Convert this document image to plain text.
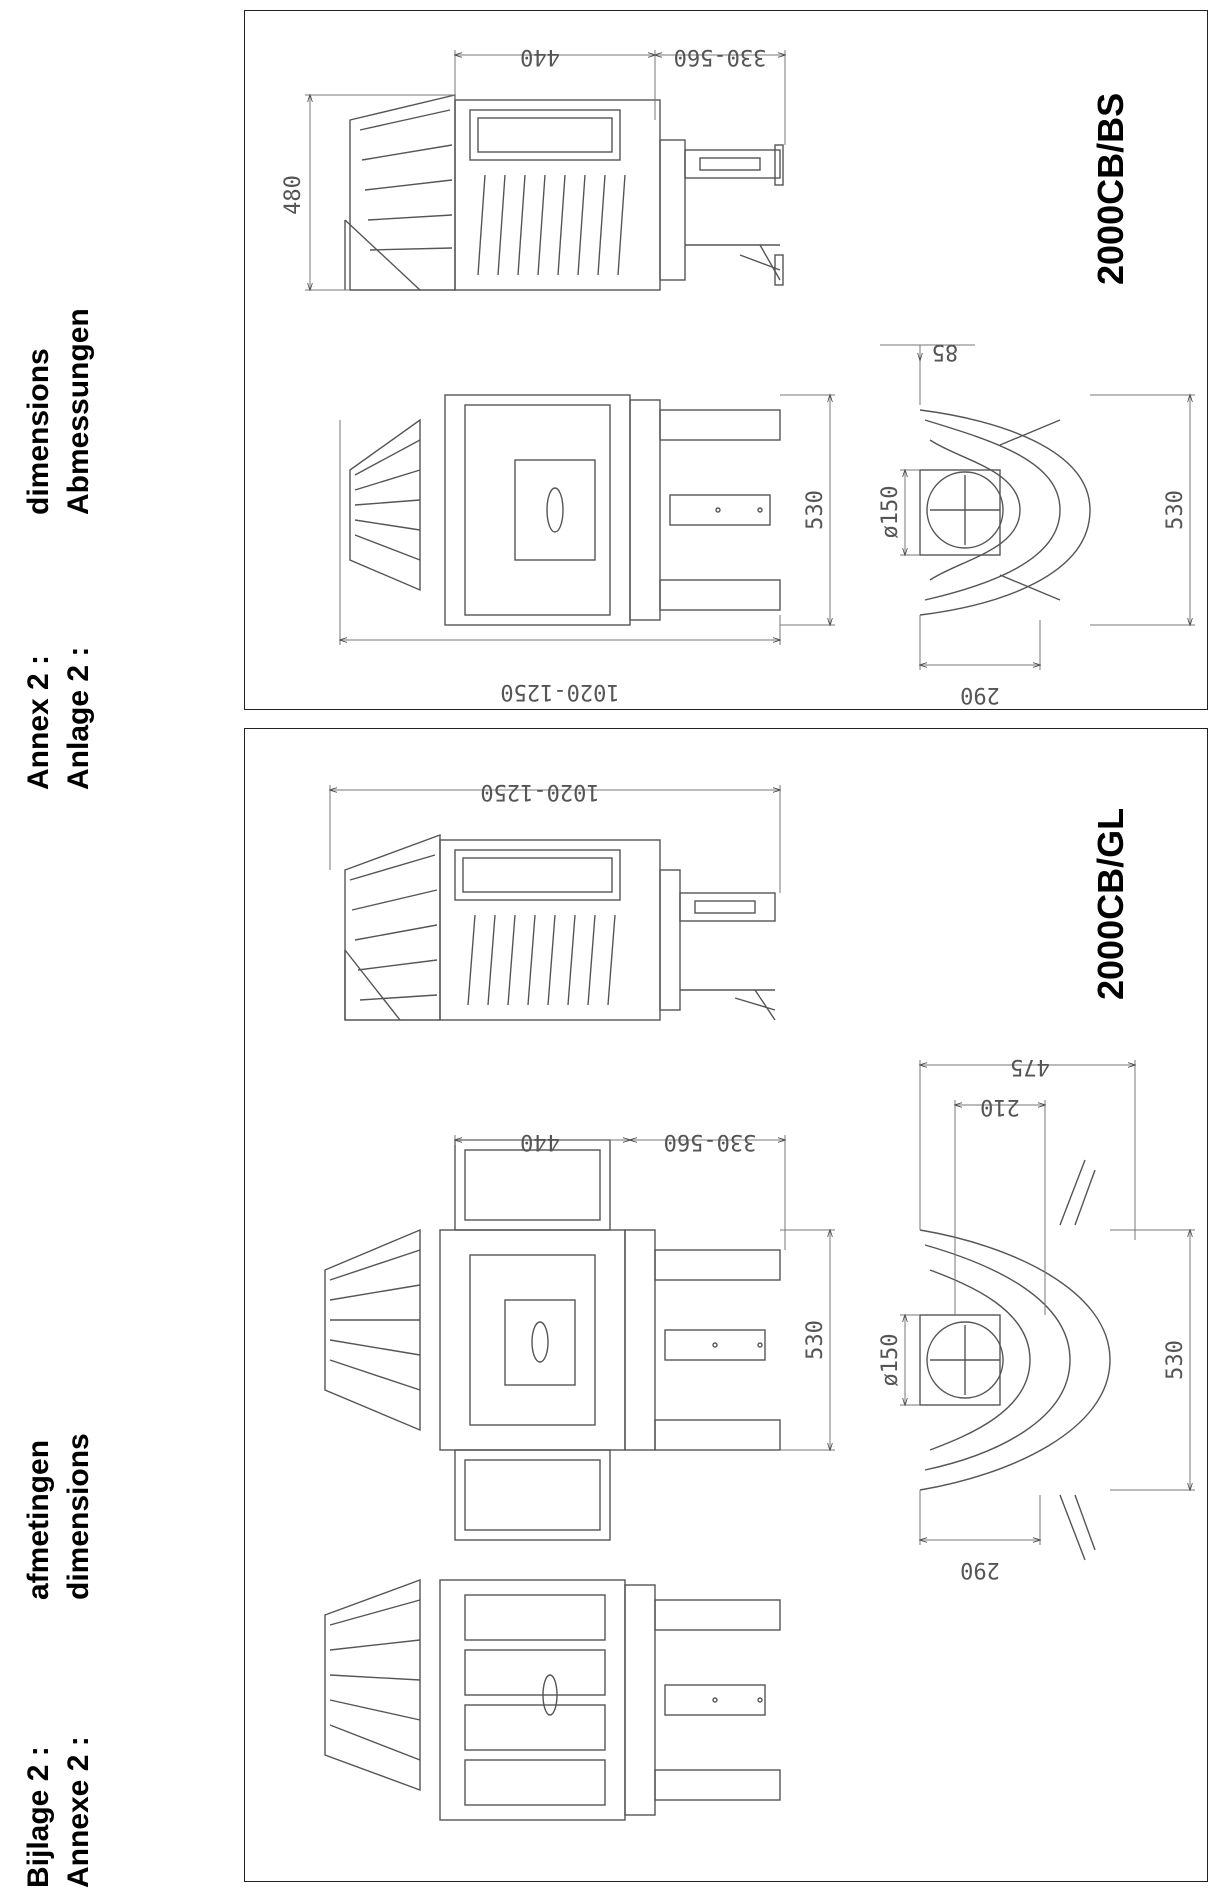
Bijlage 2 : Annexe 2 :
afmetingen dimensions
Annex 2 : Anlage 2 :
dimensions Abmessungen
2000CB/BS
2000CB/GL
440	330-560
480
1020-1250
530
85
ø150	530
290
1020-1250
440	330-560
530
475
210
ø150	530
290
